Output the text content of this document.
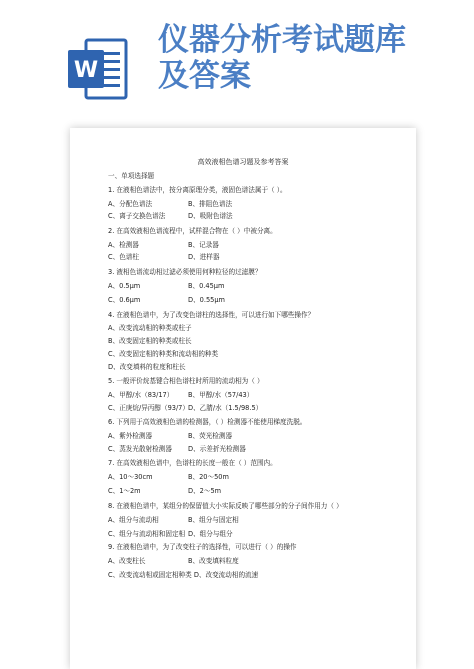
W
仪器分析考试题库
及答案
高效液相色谱习题及参考答案
一、单项选择题
1. 在液相色谱法中，按分离原理分类，液固色谱法属于（ ）。
A、分配色谱法	B、排阻色谱法
C、离子交换色谱法	D、吸附色谱法
2. 在高效液相色谱流程中，试样混合物在（ ）中被分离。
A、检测器	B、记录器
C、色谱柱	D、进样器
3. 液相色谱流动相过滤必须使用何种粒径的过滤膜？
A、0.5μm	B、0.45μm
C、0.6μm	D、0.55μm
4. 在液相色谱中，为了改变色谱柱的选择性，可以进行如下哪些操作？
A、改变流动相的种类或柱子
B、改变固定相的种类或柱长
C、改变固定相的种类和流动相的种类
D、改变填料的粒度和柱长
5. 一般评价烷基键合相色谱柱时所用的流动相为（ ）
A、甲醇/水（83/17） B、甲醇/水（57/43）
C、正庚烷/异丙醇（93/7） D、乙腈/水（1.5/98.5）
6. 下列用于高效液相色谱的检测器，（ ）检测器不能使用梯度洗脱。
A、紫外检测器	B、荧光检测器
C、蒸发光散射检测器 D、示差折光检测器
7. 在高效液相色谱中，色谱柱的长度一般在（ ）范围内。
A、10～30cm	B、20～50m
C、1～2m	D、2～5m
8. 在液相色谱中，某组分的保留值大小实际反映了哪些部分的分子间作用力（ ）
A、组分与流动相	B、组分与固定相
C、组分与流动相和固定相 D、组分与组分
9. 在液相色谱中，为了改变柱子的选择性，可以进行（ ）的操作
A、改变柱长	B、改变填料粒度
C、改变流动相或固定相种类 D、改变流动相的流速
